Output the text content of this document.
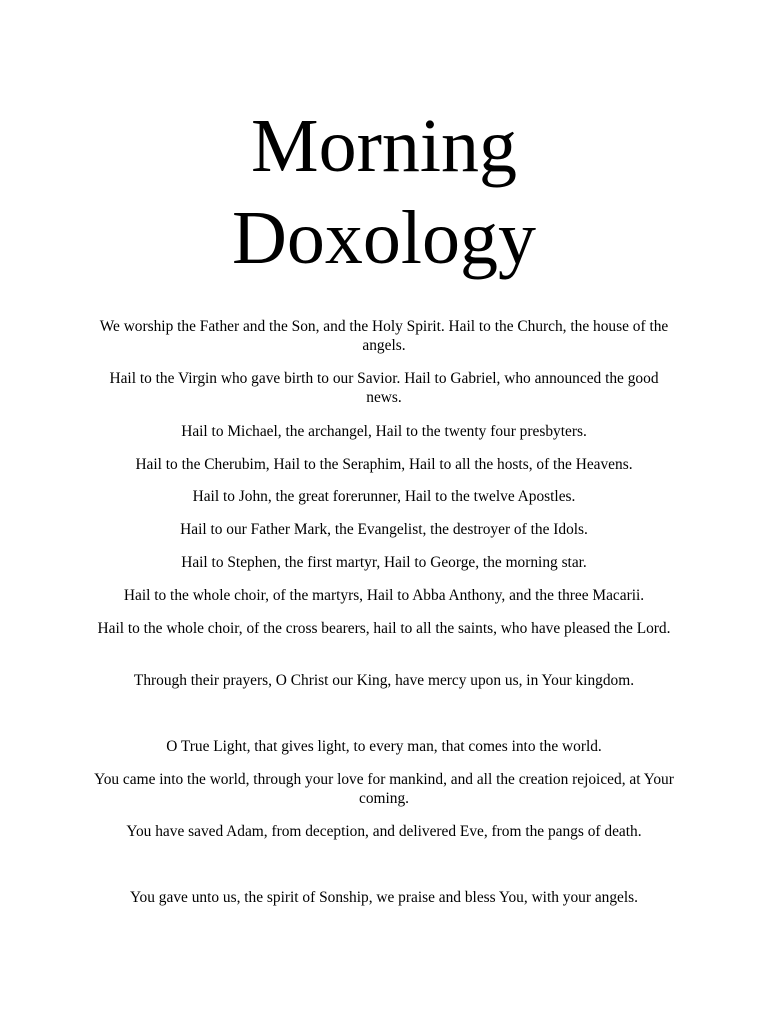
Morning
Doxology

We worship the Father and the Son, and the Holy Spirit. Hail to the Church, the house of the angels.

Hail to the Virgin who gave birth to our Savior. Hail to Gabriel, who announced the good news.

Hail to Michael, the archangel, Hail to the twenty four presbyters.

Hail to the Cherubim, Hail to the Seraphim, Hail to all the hosts, of the Heavens.

Hail to John, the great forerunner, Hail to the twelve Apostles.

Hail to our Father Mark, the Evangelist, the destroyer of the Idols.

Hail to Stephen, the first martyr, Hail to George, the morning star.

Hail to the whole choir, of the martyrs, Hail to Abba Anthony, and the three Macarii.

Hail to the whole choir, of the cross bearers, hail to all the saints, who have pleased the Lord.

Through their prayers, O Christ our King, have mercy upon us, in Your kingdom.

O True Light, that gives light, to every man, that comes into the world.

You came into the world, through your love for mankind, and all the creation rejoiced, at Your coming.

You have saved Adam, from deception, and delivered Eve, from the pangs of death.

You gave unto us, the spirit of Sonship, we praise and bless You, with your angels.
